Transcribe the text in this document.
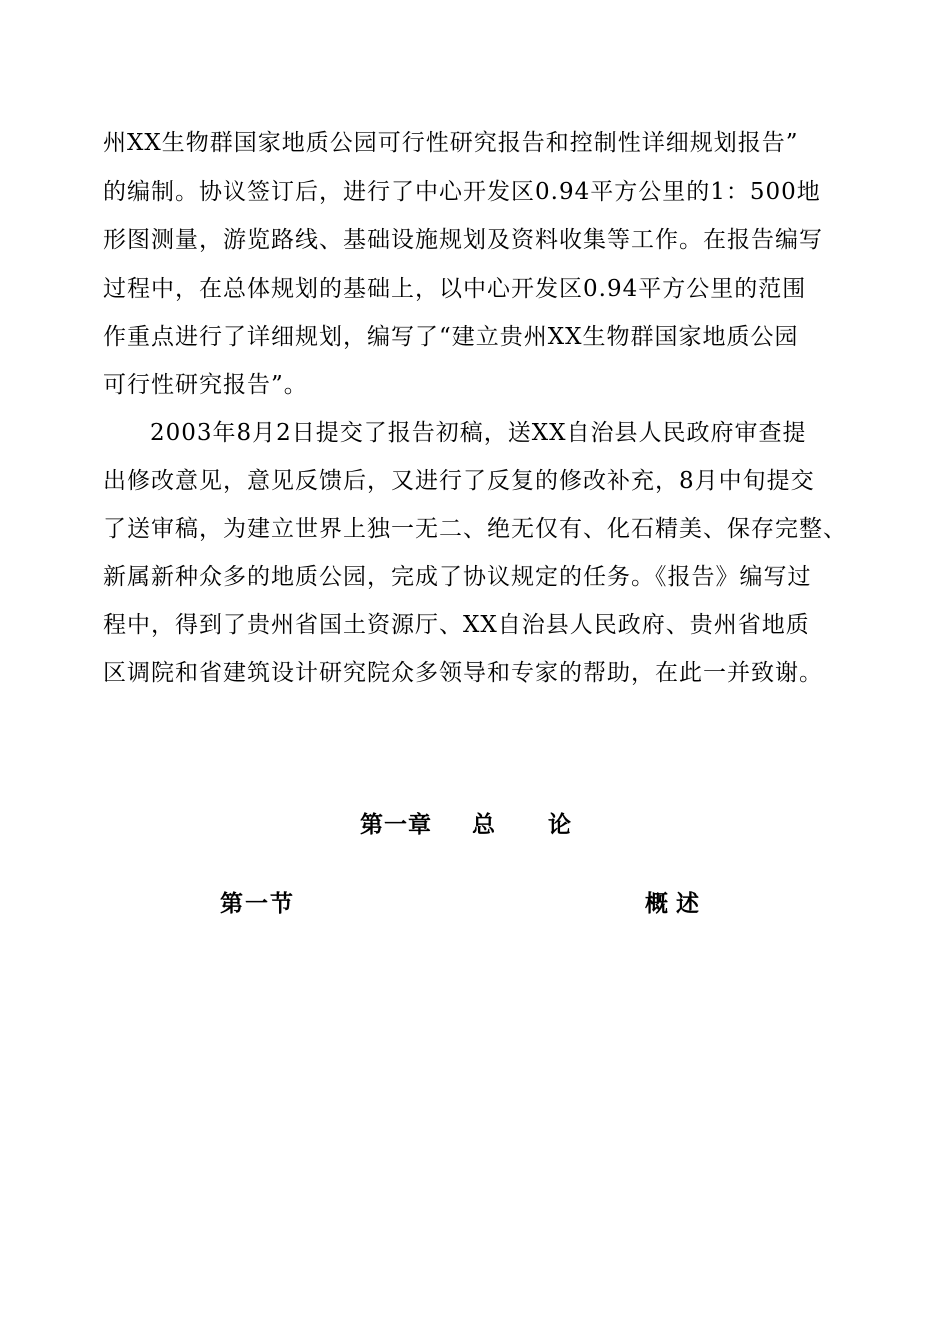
州XX生物群国家地质公园可行性研究报告和控制性详细规划报告”
的编制。协议签订后，进行了中心开发区0.94平方公里的1：500地
形图测量，游览路线、基础设施规划及资料收集等工作。在报告编写
过程中，在总体规划的基础上，以中心开发区0.94平方公里的范围
作重点进行了详细规划，编写了“建立贵州XX生物群国家地质公园
可行性研究报告”。
2003年8月2日提交了报告初稿，送XX自治县人民政府审查提
出修改意见，意见反馈后，又进行了反复的修改补充，8月中旬提交
了送审稿，为建立世界上独一无二、绝无仅有、化石精美、保存完整、
新属新种众多的地质公园，完成了协议规定的任务。《报告》编写过
程中，得到了贵州省国土资源厅、XX自治县人民政府、贵州省地质
区调院和省建筑设计研究院众多领导和专家的帮助，在此一并致谢。
第一章 总 论
第一节	概述
